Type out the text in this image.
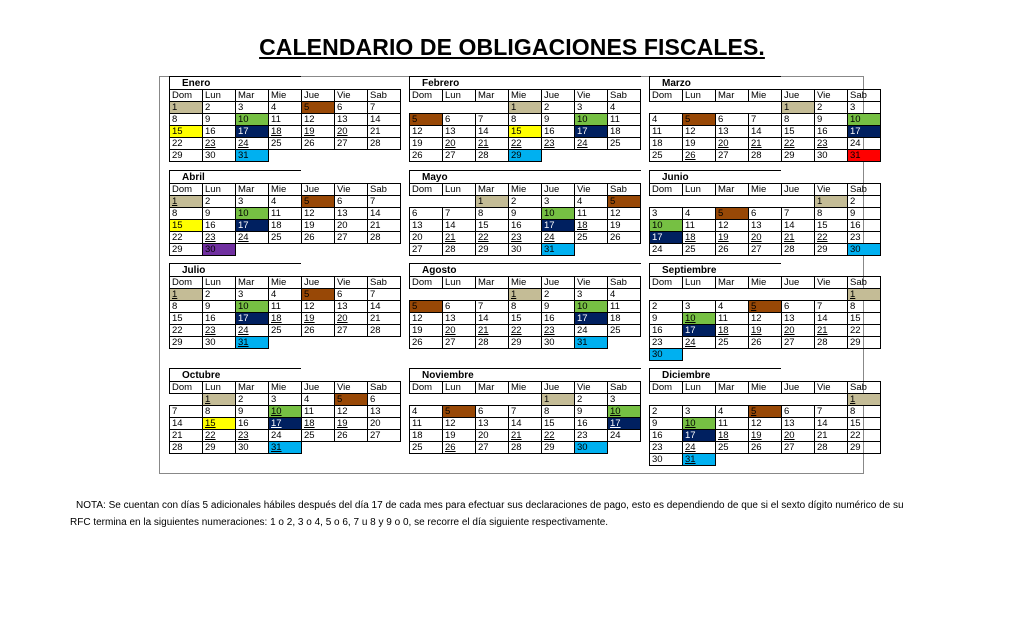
CALENDARIO DE OBLIGACIONES FISCALES.
Enero
Dom	Lun	Mar	Mie	Jue	Vie	Sab
1	2	3	4	5	6	7
8	9	10	11	12	13	14
15	16	17	18	19	20	21
22	23	24	25	26	27	28
29	30	31				
Febrero
Dom	Lun	Mar	Mie	Jue	Vie	Sab
			1	2	3	4
5	6	7	8	9	10	11
12	13	14	15	16	17	18
19	20	21	22	23	24	25
26	27	28	29			
Marzo
Dom	Lun	Mar	Mie	Jue	Vie	Sab
				1	2	3
4	5	6	7	8	9	10
11	12	13	14	15	16	17
18	19	20	21	22	23	24
25	26	27	28	29	30	31
Abril
Dom	Lun	Mar	Mie	Jue	Vie	Sab
1	2	3	4	5	6	7
8	9	10	11	12	13	14
15	16	17	18	19	20	21
22	23	24	25	26	27	28
29	30					
Mayo
Dom	Lun	Mar	Mie	Jue	Vie	Sab
		1	2	3	4	5
6	7	8	9	10	11	12
13	14	15	16	17	18	19
20	21	22	23	24	25	26
27	28	29	30	31		
Junio
Dom	Lun	Mar	Mie	Jue	Vie	Sab
					1	2
3	4	5	6	7	8	9
10	11	12	13	14	15	16
17	18	19	20	21	22	23
24	25	26	27	28	29	30
Julio
Dom	Lun	Mar	Mie	Jue	Vie	Sab
1	2	3	4	5	6	7
8	9	10	11	12	13	14
15	16	17	18	19	20	21
22	23	24	25	26	27	28
29	30	31				
Agosto
Dom	Lun	Mar	Mie	Jue	Vie	Sab
			1	2	3	4
5	6	7	8	9	10	11
12	13	14	15	16	17	18
19	20	21	22	23	24	25
26	27	28	29	30	31	
Septiembre
Dom	Lun	Mar	Mie	Jue	Vie	Sab
						1
2	3	4	5	6	7	8
9	10	11	12	13	14	15
16	17	18	19	20	21	22
23	24	25	26	27	28	29
30						
Octubre
Dom	Lun	Mar	Mie	Jue	Vie	Sab
	1	2	3	4	5	6
7	8	9	10	11	12	13
14	15	16	17	18	19	20
21	22	23	24	25	26	27
28	29	30	31			
Noviembre
Dom	Lun	Mar	Mie	Jue	Vie	Sab
				1	2	3
4	5	6	7	8	9	10
11	12	13	14	15	16	17
18	19	20	21	22	23	24
25	26	27	28	29	30	
Diciembre
Dom	Lun	Mar	Mie	Jue	Vie	Sab
						1
2	3	4	5	6	7	8
9	10	11	12	13	14	15
16	17	18	19	20	21	22
23	24	25	26	27	28	29
30	31					
NOTA: Se cuentan con días 5 adicionales hábiles después del día 17 de cada mes para efectuar sus declaraciones de pago, esto es dependiendo de que si el sexto dígito numérico de su
RFC termina en la siguientes numeraciones: 1 o 2, 3 o 4, 5 o 6, 7 u 8 y 9 o 0, se recorre el día siguiente respectivamente.
